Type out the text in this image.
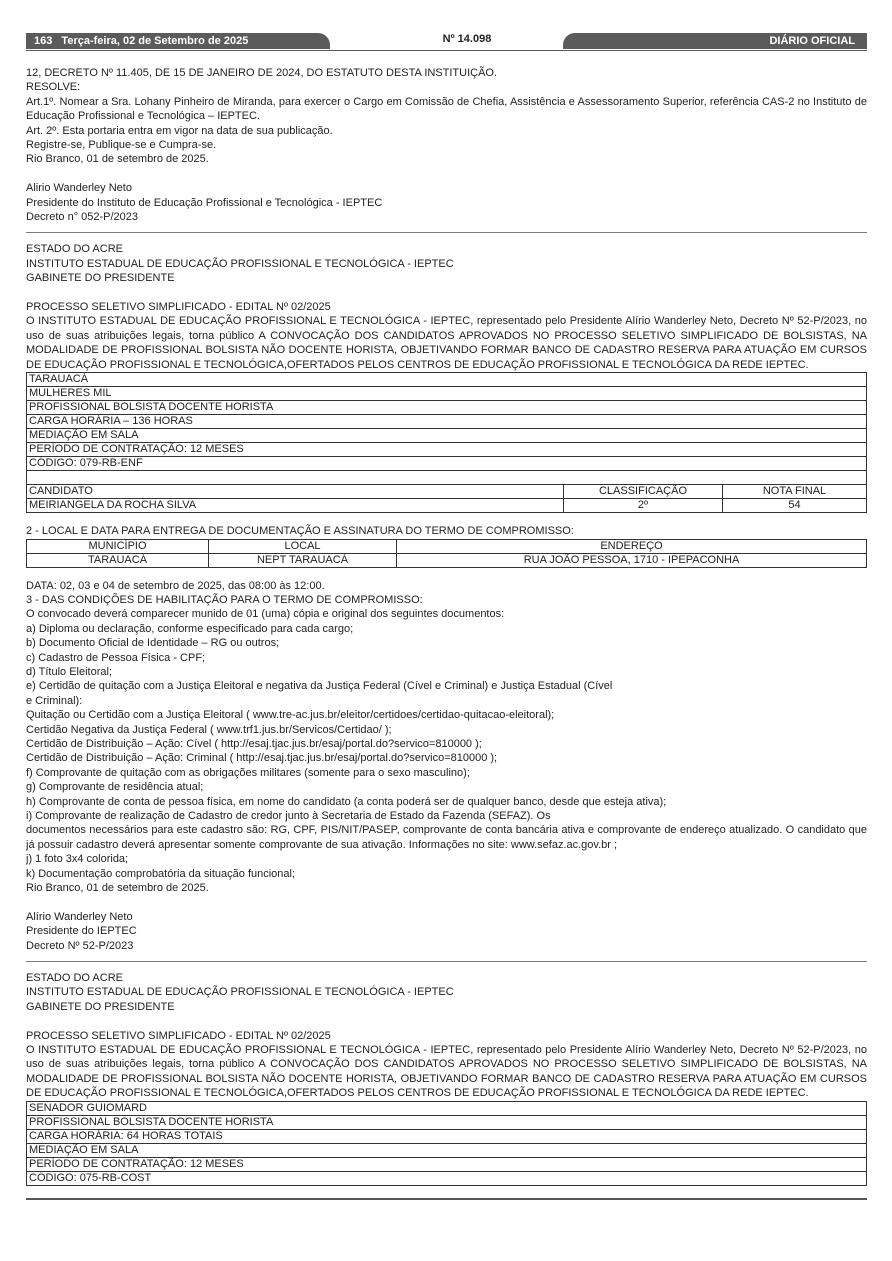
163 Terça-feira, 02 de Setembro de 2025	Nº 14.098	DIÁRIO OFICIAL

12, DECRETO Nº 11.405, DE 15 DE JANEIRO DE 2024, DO ESTATUTO DESTA INSTITUIÇÃO.

RESOLVE:

Art.1º. Nomear a Sra. Lohany Pinheiro de Miranda, para exercer o Cargo em Comissão de Chefia, Assistência e Assessoramento Superior, referência CAS-2 no Instituto de Educação Profissional e Tecnológica – IEPTEC.

Art. 2º. Esta portaria entra em vigor na data de sua publicação.

Registre-se, Publique-se e Cumpra-se.

Rio Branco, 01 de setembro de 2025.

Alirio Wanderley Neto

Presidente do Instituto de Educação Profissional e Tecnológica - IEPTEC

Decreto n° 052-P/2023

ESTADO DO ACRE

INSTITUTO ESTADUAL DE EDUCAÇÃO PROFISSIONAL E TECNOLÓGICA - IEPTEC

GABINETE DO PRESIDENTE

PROCESSO SELETIVO SIMPLIFICADO - EDITAL Nº 02/2025

O INSTITUTO ESTADUAL DE EDUCAÇÃO PROFISSIONAL E TECNOLÓGICA - IEPTEC, representado pelo Presidente Alírio Wanderley Neto, Decreto Nº 52-P/2023, no uso de suas atribuições legais, torna público A CONVOCAÇÃO DOS CANDIDATOS APROVADOS NO PROCESSO SELETIVO SIMPLIFICADO DE BOLSISTAS, NA MODALIDADE DE PROFISSIONAL BOLSISTA NÃO DOCENTE HORISTA, OBJETIVANDO FORMAR BANCO DE CADASTRO RESERVA PARA ATUAÇÃO EM CURSOS DE EDUCAÇÃO PROFISSIONAL E TECNOLÓGICA,OFERTADOS PELOS CENTROS DE EDUCAÇÃO PROFISSIONAL E TECNOLÓGICA DA REDE IEPTEC.

TARAUACÁ		
MULHERES MIL		
PROFISSIONAL BOLSISTA DOCENTE HORISTA		
CARGA HORÁRIA – 136 HORAS		
MEDIAÇÃO EM SALA		
PERÍODO DE CONTRATAÇÃO: 12 MESES		
CÓDIGO: 079-RB-ENF		

CANDIDATO	CLASSIFICAÇÃO	NOTA FINAL
MEIRIANGELA DA ROCHA SILVA	2º	54

2 - LOCAL E DATA PARA ENTREGA DE DOCUMENTAÇÃO E ASSINATURA DO TERMO DE COMPROMISSO:

MUNICÍPIO	LOCAL	ENDEREÇO
TARAUACÁ	NEPT TARAUACÁ	RUA JOÃO PESSOA, 1710 - IPEPACONHA

DATA: 02, 03 e 04 de setembro de 2025, das 08:00 às 12:00.

3 - DAS CONDIÇÕES DE HABILITAÇÃO PARA O TERMO DE COMPROMISSO:

O convocado deverá comparecer munido de 01 (uma) cópia e original dos seguintes documentos:

a) Diploma ou declaração, conforme especificado para cada cargo;

b) Documento Oficial de Identidade – RG ou outros;

c) Cadastro de Pessoa Física - CPF;

d) Título Eleitoral;

e) Certidão de quitação com a Justiça Eleitoral e negativa da Justiça Federal (Cível e Criminal) e Justiça Estadual (Cível

e Criminal):

Quitação ou Certidão com a Justiça Eleitoral ( www.tre-ac.jus.br/eleitor/certidoes/certidao-quitacao-eleitoral);

Certidão Negativa da Justiça Federal ( www.trf1.jus.br/Servicos/Certidao/ );

Certidão de Distribuição – Ação: Cível ( http://esaj.tjac.jus.br/esaj/portal.do?servico=810000 );

Certidão de Distribuição – Ação: Criminal ( http://esaj.tjac.jus.br/esaj/portal.do?servico=810000 );

f) Comprovante de quitação com as obrigações militares (somente para o sexo masculino);

g) Comprovante de residência atual;

h) Comprovante de conta de pessoa física, em nome do candidato (a conta poderá ser de qualquer banco, desde que esteja ativa);

i) Comprovante de realização de Cadastro de credor junto à Secretaria de Estado da Fazenda (SEFAZ). Os

documentos necessários para este cadastro são: RG, CPF, PIS/NIT/PASEP, comprovante de conta bancária ativa e comprovante de endereço atualizado. O candidato que já possuir cadastro deverá apresentar somente comprovante de sua ativação. Informações no site: www.sefaz.ac.gov.br ;

j) 1 foto 3x4 colorida;

k) Documentação comprobatória da situação funcional;

Rio Branco, 01 de setembro de 2025.

Alírio Wanderley Neto

Presidente do IEPTEC

Decreto Nº 52-P/2023

ESTADO DO ACRE

INSTITUTO ESTADUAL DE EDUCAÇÃO PROFISSIONAL E TECNOLÓGICA - IEPTEC

GABINETE DO PRESIDENTE

PROCESSO SELETIVO SIMPLIFICADO - EDITAL Nº 02/2025

O INSTITUTO ESTADUAL DE EDUCAÇÃO PROFISSIONAL E TECNOLÓGICA - IEPTEC, representado pelo Presidente Alírio Wanderley Neto, Decreto Nº 52-P/2023, no uso de suas atribuições legais, torna público A CONVOCAÇÃO DOS CANDIDATOS APROVADOS NO PROCESSO SELETIVO SIMPLIFICADO DE BOLSISTAS, NA MODALIDADE DE PROFISSIONAL BOLSISTA NÃO DOCENTE HORISTA, OBJETIVANDO FORMAR BANCO DE CADASTRO RESERVA PARA ATUAÇÃO EM CURSOS DE EDUCAÇÃO PROFISSIONAL E TECNOLÓGICA,OFERTADOS PELOS CENTROS DE EDUCAÇÃO PROFISSIONAL E TECNOLÓGICA DA REDE IEPTEC.

SENADOR GUIOMARD
PROFISSIONAL BOLSISTA DOCENTE HORISTA
CARGA HORÁRIA: 64 HORAS TOTAIS
MEDIAÇÃO EM SALA
PERÍODO DE CONTRATAÇÃO: 12 MESES
CÓDIGO: 075-RB-COST
